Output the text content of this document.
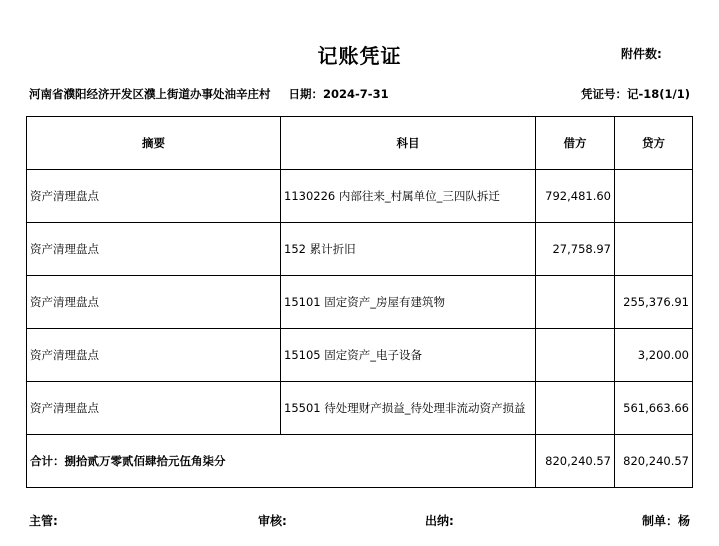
记账凭证	附件数:
河南省濮阳经济开发区濮上街道办事处油辛庄村 日期：2024-7-31	凭证号：记-18(1/1)
摘要	科目	借方	贷方
资产清理盘点	1130226 内部往来_村属单位_三四队拆迁	792,481.60	
资产清理盘点	152 累计折旧	27,758.97	
资产清理盘点	15101 固定资产_房屋有建筑物		255,376.91
资产清理盘点	15105 固定资产_电子设备		3,200.00
资产清理盘点	15501 待处理财产损益_待处理非流动资产损益		561,663.66
合计：捌拾贰万零贰佰肆拾元伍角柒分		820,240.57	820,240.57
主管:	审核:	出纳:	制单：杨
